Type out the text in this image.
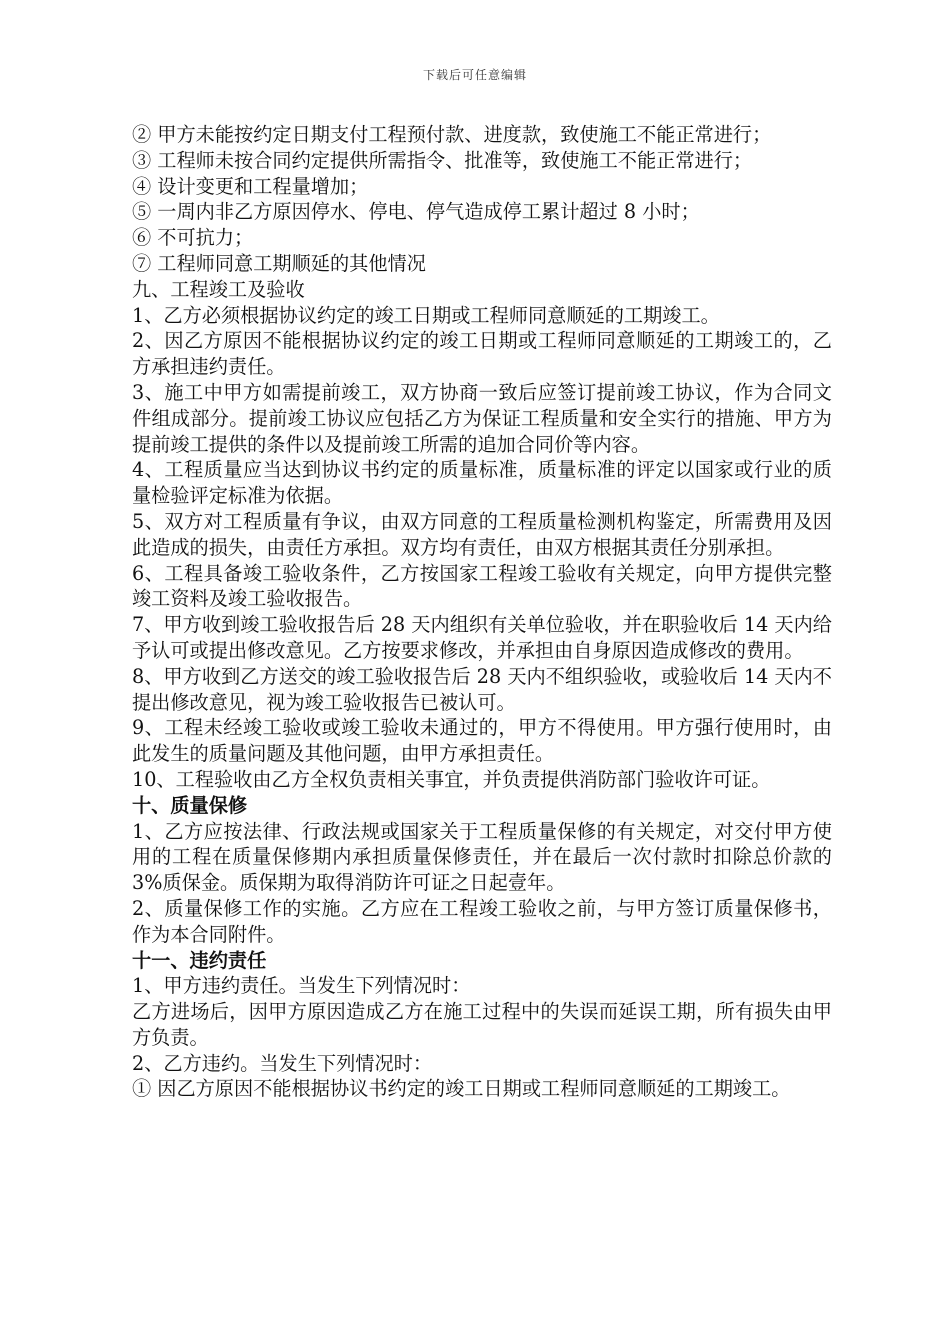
下载后可任意编辑

② 甲方未能按约定日期支付工程预付款、进度款，致使施工不能正常进行；

③ 工程师未按合同约定提供所需指令、批准等，致使施工不能正常进行；

④ 设计变更和工程量增加；

⑤ 一周内非乙方原因停水、停电、停气造成停工累计超过 8 小时；

⑥ 不可抗力；

⑦ 工程师同意工期顺延的其他情况

九、工程竣工及验收

1、乙方必须根据协议约定的竣工日期或工程师同意顺延的工期竣工。

2、因乙方原因不能根据协议约定的竣工日期或工程师同意顺延的工期竣工的，乙方承担违约责任。

3、施工中甲方如需提前竣工，双方协商一致后应签订提前竣工协议，作为合同文件组成部分。提前竣工协议应包括乙方为保证工程质量和安全实行的措施、甲方为提前竣工提供的条件以及提前竣工所需的追加合同价等内容。

4、工程质量应当达到协议书约定的质量标准，质量标准的评定以国家或行业的质量检验评定标准为依据。

5、双方对工程质量有争议，由双方同意的工程质量检测机构鉴定，所需费用及因此造成的损失，由责任方承担。双方均有责任，由双方根据其责任分别承担。

6、工程具备竣工验收条件，乙方按国家工程竣工验收有关规定，向甲方提供完整竣工资料及竣工验收报告。

7、甲方收到竣工验收报告后 28 天内组织有关单位验收，并在职验收后 14 天内给予认可或提出修改意见。乙方按要求修改，并承担由自身原因造成修改的费用。

8、甲方收到乙方送交的竣工验收报告后 28 天内不组织验收，或验收后 14 天内不提出修改意见，视为竣工验收报告已被认可。

9、工程未经竣工验收或竣工验收未通过的，甲方不得使用。甲方强行使用时，由此发生的质量问题及其他问题，由甲方承担责任。

10、工程验收由乙方全权负责相关事宜，并负责提供消防部门验收许可证。

十、质量保修

1、乙方应按法律、行政法规或国家关于工程质量保修的有关规定，对交付甲方使用的工程在质量保修期内承担质量保修责任，并在最后一次付款时扣除总价款的 3%质保金。质保期为取得消防许可证之日起壹年。

2、质量保修工作的实施。乙方应在工程竣工验收之前，与甲方签订质量保修书，作为本合同附件。

十一、违约责任

1、甲方违约责任。当发生下列情况时：

乙方进场后，因甲方原因造成乙方在施工过程中的失误而延误工期，所有损失由甲方负责。

2、乙方违约。当发生下列情况时：

① 因乙方原因不能根据协议书约定的竣工日期或工程师同意顺延的工期竣工。
